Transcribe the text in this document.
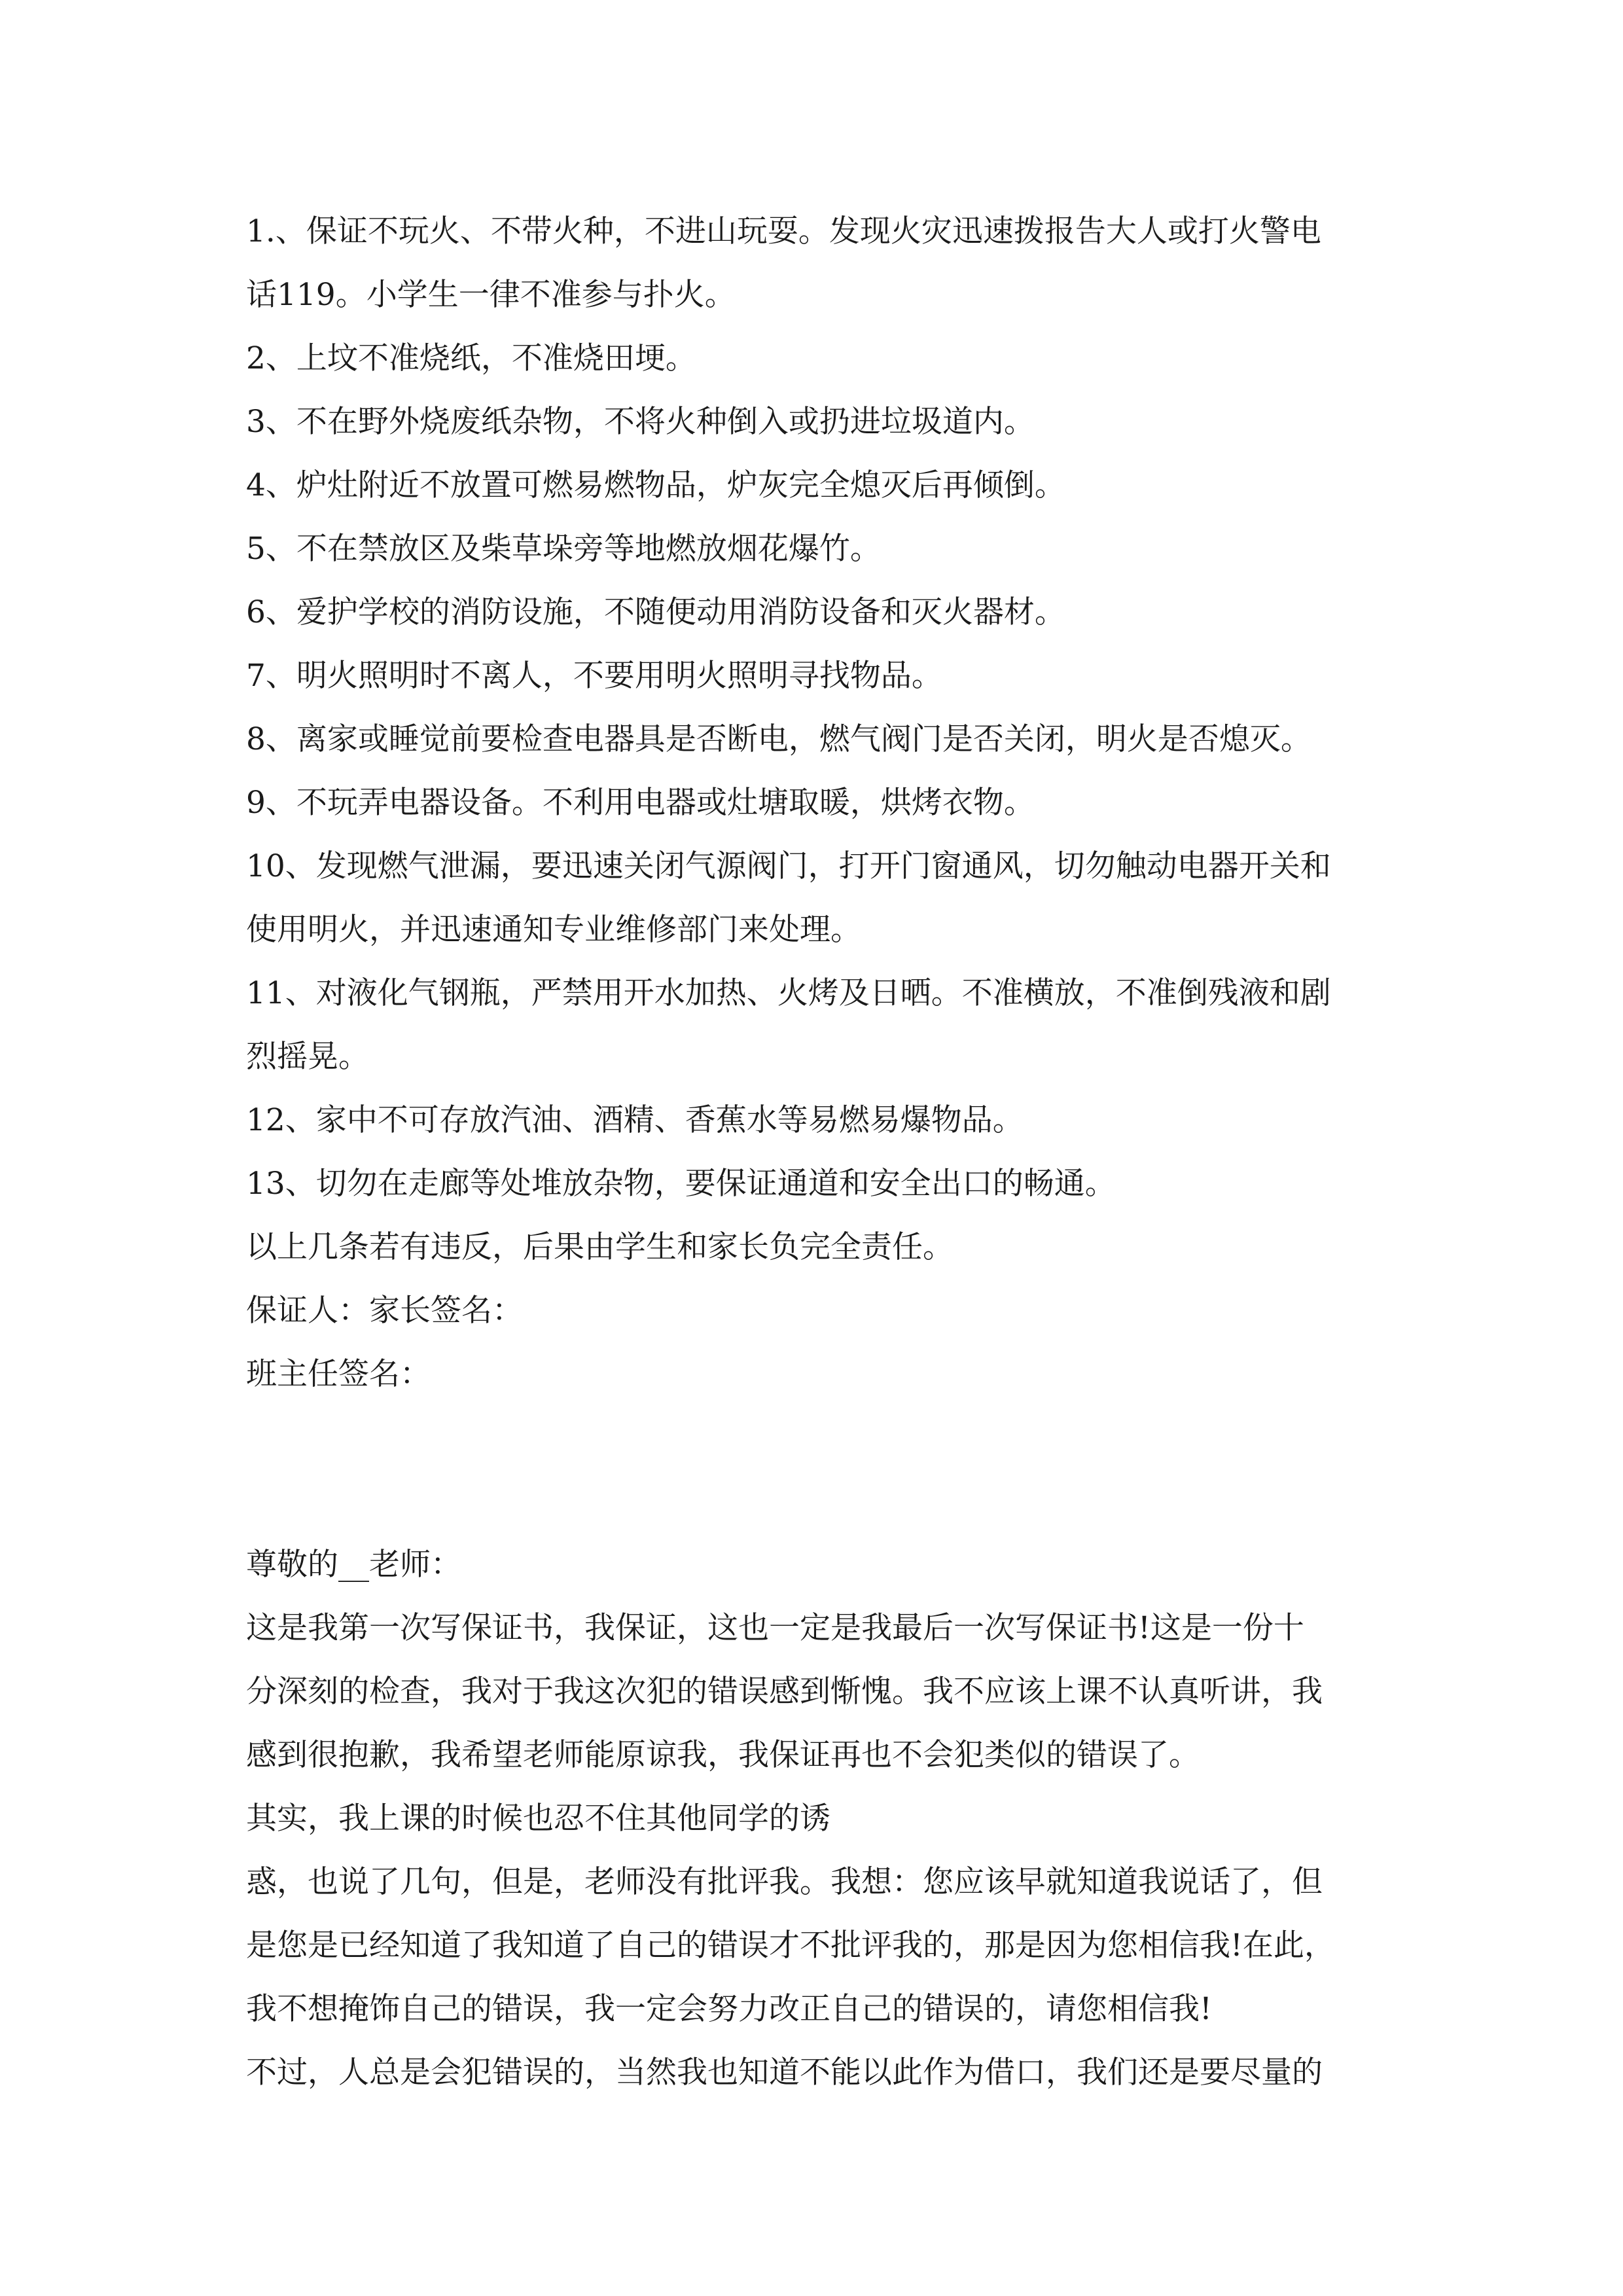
1.、保证不玩火、不带火种，不进山玩耍。发现火灾迅速拨报告大人或打火警电
话119。小学生一律不准参与扑火。
2、上坟不准烧纸，不准烧田埂。
3、不在野外烧废纸杂物，不将火种倒入或扔进垃圾道内。
4、炉灶附近不放置可燃易燃物品，炉灰完全熄灭后再倾倒。
5、不在禁放区及柴草垛旁等地燃放烟花爆竹。
6、爱护学校的消防设施，不随便动用消防设备和灭火器材。
7、明火照明时不离人，不要用明火照明寻找物品。
8、离家或睡觉前要检查电器具是否断电，燃气阀门是否关闭，明火是否熄灭。
9、不玩弄电器设备。不利用电器或灶塘取暖，烘烤衣物。
10、发现燃气泄漏，要迅速关闭气源阀门，打开门窗通风，切勿触动电器开关和
使用明火，并迅速通知专业维修部门来处理。
11、对液化气钢瓶，严禁用开水加热、火烤及日晒。不准横放，不准倒残液和剧
烈摇晃。
12、家中不可存放汽油、酒精、香蕉水等易燃易爆物品。
13、切勿在走廊等处堆放杂物，要保证通道和安全出口的畅通。
以上几条若有违反，后果由学生和家长负完全责任。
保证人：家长签名：
班主任签名：
尊敬的__老师：
这是我第一次写保证书，我保证，这也一定是我最后一次写保证书!这是一份十
分深刻的检查，我对于我这次犯的错误感到惭愧。我不应该上课不认真听讲，我
感到很抱歉，我希望老师能原谅我，我保证再也不会犯类似的错误了。
其实，我上课的时候也忍不住其他同学的诱
惑，也说了几句，但是，老师没有批评我。我想：您应该早就知道我说话了，但
是您是已经知道了我知道了自己的错误才不批评我的，那是因为您相信我!在此，
我不想掩饰自己的错误，我一定会努力改正自己的错误的，请您相信我!
不过，人总是会犯错误的，当然我也知道不能以此作为借口，我们还是要尽量的
